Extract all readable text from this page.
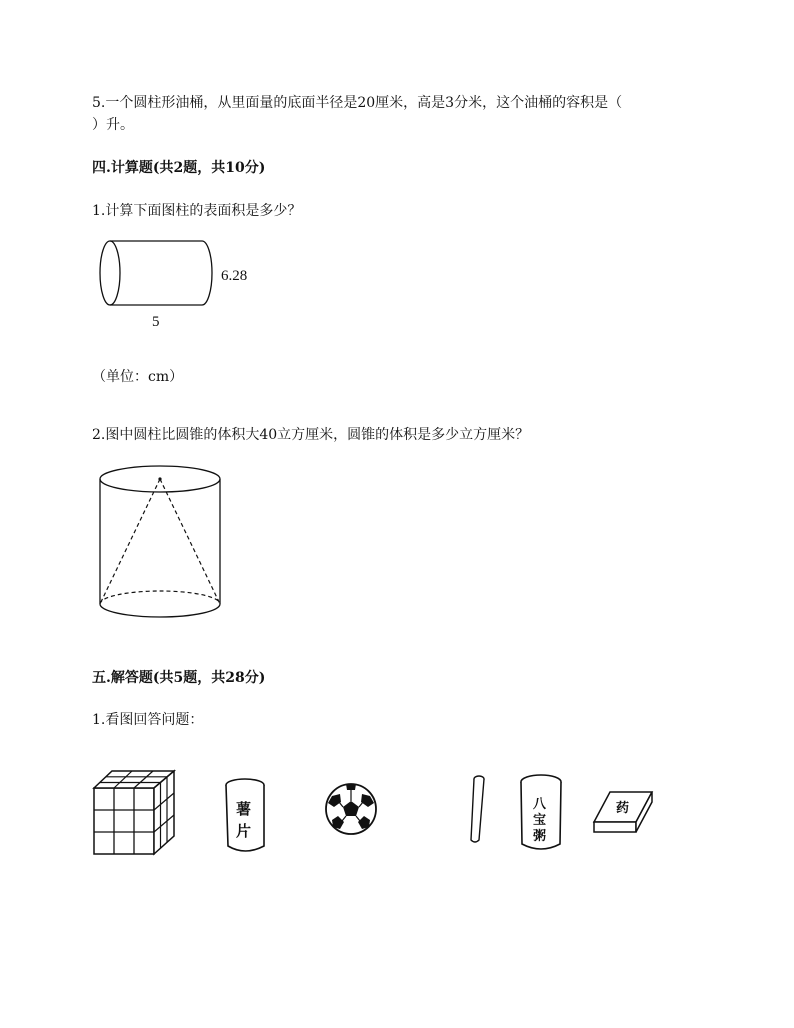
5.一个圆柱形油桶，从里面量的底面半径是20厘米，高是3分米，这个油桶的容积是（
）升。
四.计算题(共2题，共10分)
1.计算下面图柱的表面积是多少？
6.28
5
（单位：cm）
2.图中圆柱比圆锥的体积大40立方厘米，圆锥的体积是多少立方厘米？
五.解答题(共5题，共28分)
1.看图回答问题：
薯
片
八
宝
粥
药
